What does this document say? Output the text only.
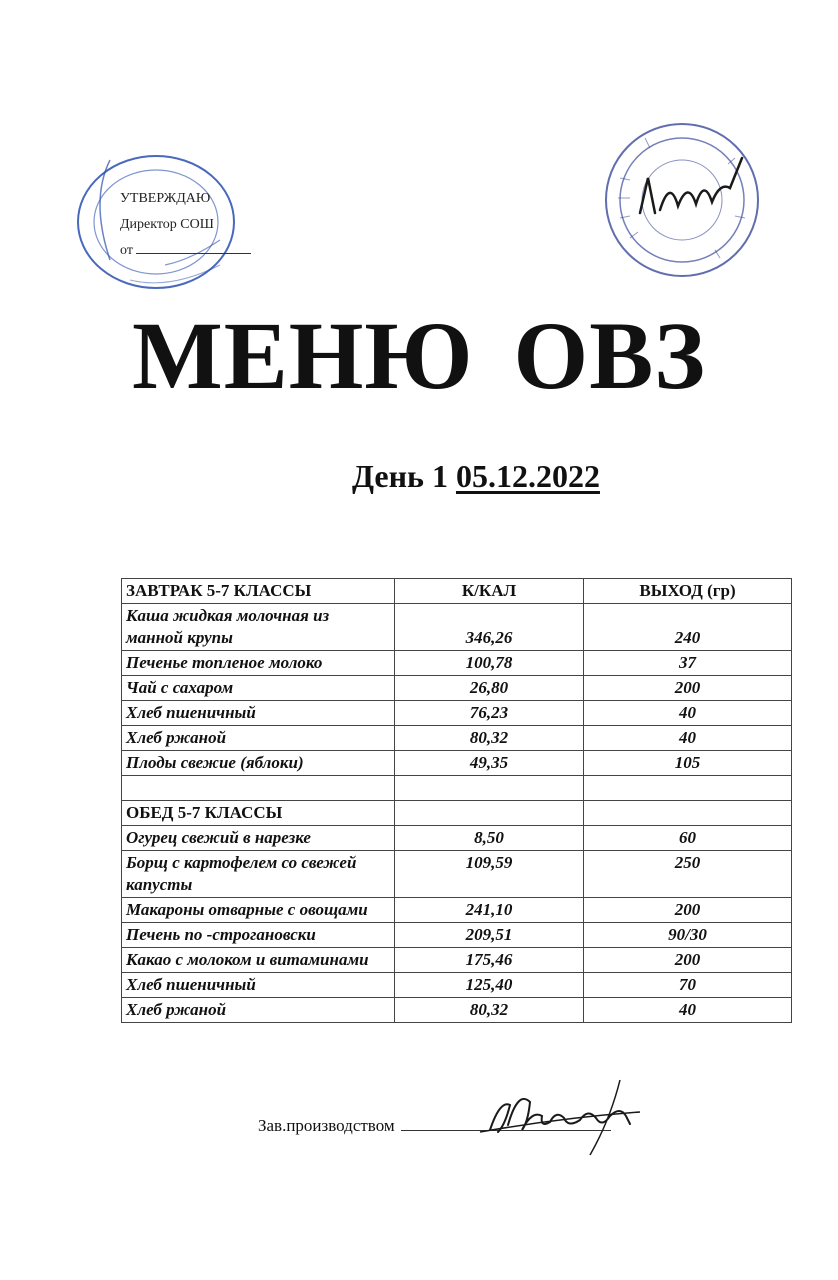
УТВЕРЖДАЮ
Директор СОШ
от
МЕНЮ ОВЗ
День 1 05.12.2022
ЗАВТРАК 5-7 КЛАССЫ	К/КАЛ	ВЫХОД (гр)
Каша жидкая молочная из манной крупы	346,26	240
Печенье топленое молоко	100,78	37
Чай с сахаром	26,80	200
Хлеб пшеничный	76,23	40
Хлеб ржаной	80,32	40
Плоды свежие (яблоки)	49,35	105

ОБЕД 5-7 КЛАССЫ		
Огурец свежий в нарезке	8,50	60
Борщ с картофелем со свежей капусты	109,59	250
Макароны отварные с овощами	241,10	200
Печень по -строгановски	209,51	90/30
Какао с молоком и витаминами	175,46	200
Хлеб пшеничный	125,40	70
Хлеб ржаной	80,32	40
Зав.производством
